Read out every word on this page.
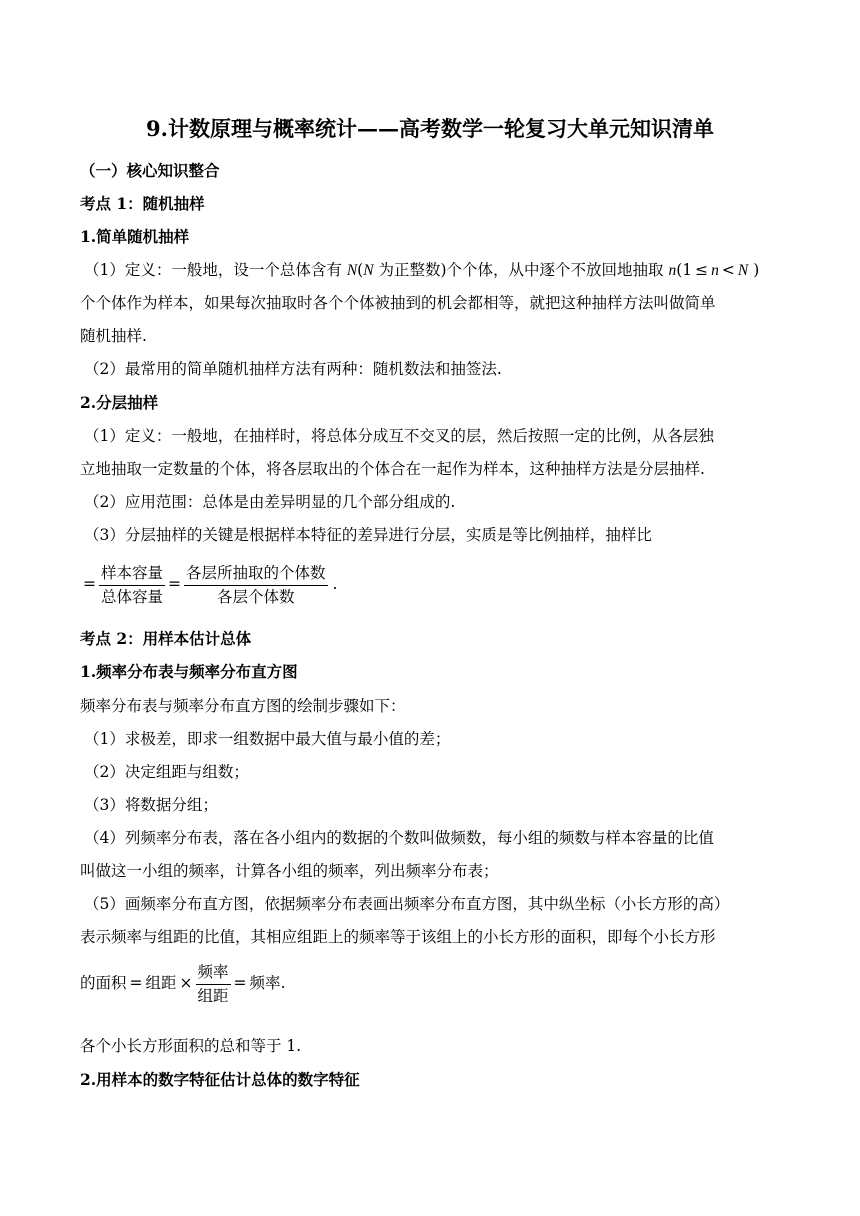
9.计数原理与概率统计——高考数学一轮复习大单元知识清单
（一）核心知识整合
考点 1：随机抽样
1.简单随机抽样
（1）定义：一般地，设一个总体含有 N(N 为正整数)个个体，从中逐个不放回地抽取 n(1 ≤ n < N )
个个体作为样本，如果每次抽取时各个个体被抽到的机会都相等，就把这种抽样方法叫做简单
随机抽样.
（2）最常用的简单随机抽样方法有两种：随机数法和抽签法.
2.分层抽样
（1）定义：一般地，在抽样时，将总体分成互不交叉的层，然后按照一定的比例，从各层独
立地抽取一定数量的个体，将各层取出的个体合在一起作为样本，这种抽样方法是分层抽样.
（2）应用范围：总体是由差异明显的几个部分组成的.
（3）分层抽样的关键是根据样本特征的差异进行分层，实质是等比例抽样，抽样比
= $\frac{\text{样本容量}}{\text{总体容量}} = \frac{\text{各层所抽取的个体数}}{\text{各层个体数}}$ .
考点 2：用样本估计总体
1.频率分布表与频率分布直方图
频率分布表与频率分布直方图的绘制步骤如下：
（1）求极差，即求一组数据中最大值与最小值的差；
（2）决定组距与组数；
（3）将数据分组；
（4）列频率分布表，落在各小组内的数据的个数叫做频数，每小组的频数与样本容量的比值
叫做这一小组的频率，计算各小组的频率，列出频率分布表；
（5）画频率分布直方图，依据频率分布表画出频率分布直方图，其中纵坐标（小长方形的高）
表示频率与组距的比值，其相应组距上的频率等于该组上的小长方形的面积，即每个小长方形
的面积 = 组距 × $\frac{\text{频率}}{\text{组距}}$ = 频率.
各个小长方形面积的总和等于 1.
2.用样本的数字特征估计总体的数字特征
